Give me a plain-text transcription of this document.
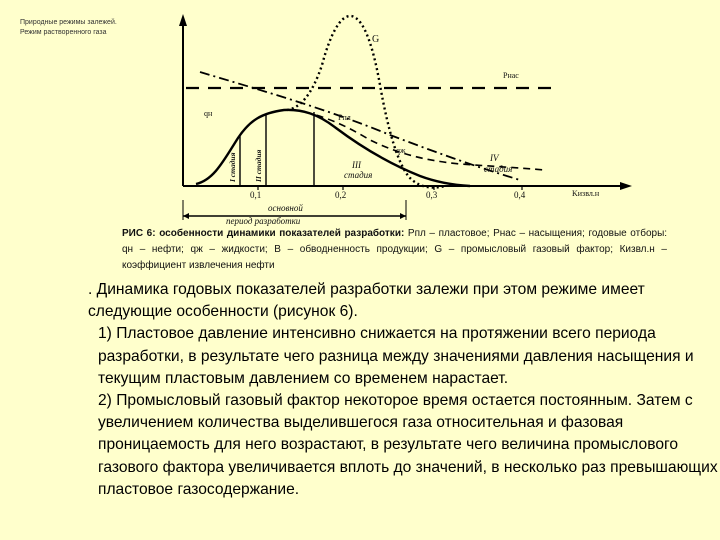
Природные режимы залежей.
Режим растворенного газа
G
Pнас
qн	Pпл
qж
I стадия II стадия	III
стадия
IV
стадия
Kизвл.н
0,1	0,2	0,3	0,4
основной
период разработки
РИС 6: особенности динамики показателей разработки: Рпл – пластовое; Рнас – насыщения; годовые отборы: qн – нефти; qж – жидкости; В – обводненность продукции; G – промысловый газовый фактор; Кизвл.н – коэффициент извлечения нефти

. Динамика годовых показателей разработки залежи при этом режиме имеет следующие особенности (рисунок 6).

1) Пластовое давление интенсивно снижается на протяжении всего периода разработки, в результате чего разница между значениями давления насыщения и текущим пластовым давлением со временем нарастает.

2) Промысловый газовый фактор некоторое время остается постоянным. Затем с увеличением количества выделившегося газа относительная и фазовая проницаемость для него возрастают, в результате чего величина промыслового газового фактора увеличивается вплоть до значений, в несколько раз превышающих пластовое газосодержание.
